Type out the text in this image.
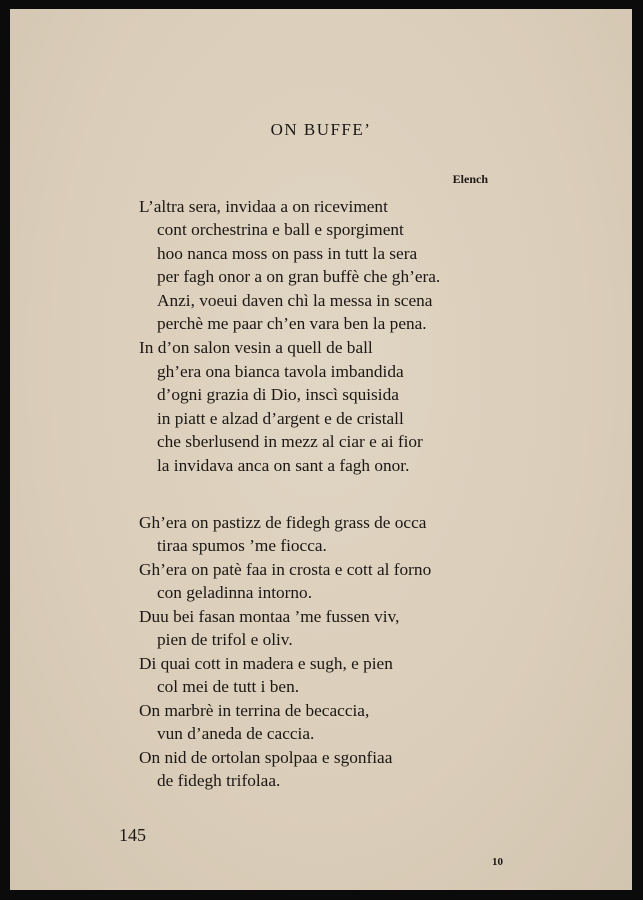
ON BUFFE’
Elench
L’altra sera, invidaa a on riceviment
cont orchestrina e ball e sporgiment
hoo nanca moss on pass in tutt la sera
per fagh onor a on gran buffè che gh’era.
Anzi, voeui daven chì la messa in scena
perchè me paar ch’en vara ben la pena.
In d’on salon vesin a quell de ball
gh’era ona bianca tavola imbandida
d’ogni grazia di Dio, inscì squisida
in piatt e alzad d’argent e de cristall
che sberlusend in mezz al ciar e ai fior
la invidava anca on sant a fagh onor.
Gh’era on pastizz de fidegh grass de occa
tiraa spumos ’me fiocca.
Gh’era on patè faa in crosta e cott al forno
con geladinna intorno.
Duu bei fasan montaa ’me fussen viv,
pien de trifol e oliv.
Di quai cott in madera e sugh, e pien
col mei de tutt i ben.
On marbrè in terrina de becaccia,
vun d’aneda de caccia.
On nid de ortolan spolpaa e sgonfiaa
de fidegh trifolaa.
145
10
